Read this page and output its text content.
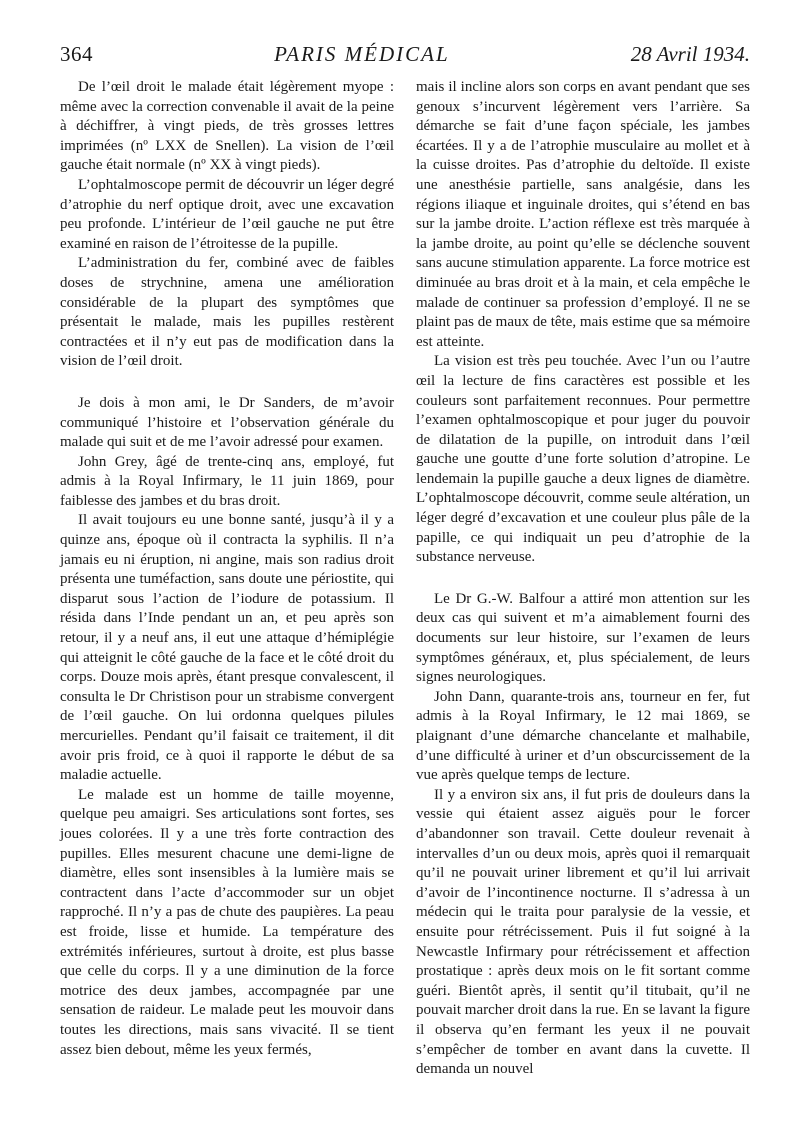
364	PARIS MÉDICAL	28 Avril 1934.

De l’œil droit le malade était légèrement myope : même avec la correction convenable il avait de la peine à déchiffrer, à vingt pieds, de très grosses lettres imprimées (nº LXX de Snellen). La vision de l’œil gauche était normale (nº XX à vingt pieds).

L’ophtalmoscope permit de découvrir un léger degré d’atrophie du nerf optique droit, avec une excavation peu profonde. L’intérieur de l’œil gauche ne put être examiné en raison de l’étroitesse de la pupille.

L’administration du fer, combiné avec de faibles doses de strychnine, amena une amélioration considérable de la plupart des symptômes que présentait le malade, mais les pupilles restèrent contractées et il n’y eut pas de modification dans la vision de l’œil droit.

Je dois à mon ami, le Dr Sanders, de m’avoir communiqué l’histoire et l’observation générale du malade qui suit et de me l’avoir adressé pour examen.

John Grey, âgé de trente-cinq ans, employé, fut admis à la Royal Infirmary, le 11 juin 1869, pour faiblesse des jambes et du bras droit.

Il avait toujours eu une bonne santé, jusqu’à il y a quinze ans, époque où il contracta la syphilis. Il n’a jamais eu ni éruption, ni angine, mais son radius droit présenta une tuméfaction, sans doute une périostite, qui disparut sous l’action de l’iodure de potassium. Il résida dans l’Inde pendant un an, et peu après son retour, il y a neuf ans, il eut une attaque d’hémiplégie qui atteignit le côté gauche de la face et le côté droit du corps. Douze mois après, étant presque convalescent, il consulta le Dr Christison pour un strabisme convergent de l’œil gauche. On lui ordonna quelques pilules mercurielles. Pendant qu’il faisait ce traitement, il dit avoir pris froid, ce à quoi il rapporte le début de sa maladie actuelle.

Le malade est un homme de taille moyenne, quelque peu amaigri. Ses articulations sont fortes, ses joues colorées. Il y a une très forte contraction des pupilles. Elles mesurent chacune une demi-ligne de diamètre, elles sont insensibles à la lumière mais se contractent dans l’acte d’accommoder sur un objet rapproché. Il n’y a pas de chute des paupières. La peau est froide, lisse et humide. La température des extrémités inférieures, surtout à droite, est plus basse que celle du corps. Il y a une diminution de la force motrice des deux jambes, accompagnée par une sensation de raideur. Le malade peut les mouvoir dans toutes les directions, mais sans vivacité. Il se tient assez bien debout, même les yeux fermés,

mais il incline alors son corps en avant pendant que ses genoux s’incurvent légèrement vers l’arrière. Sa démarche se fait d’une façon spéciale, les jambes écartées. Il y a de l’atrophie musculaire au mollet et à la cuisse droites. Pas d’atrophie du deltoïde. Il existe une anesthésie partielle, sans analgésie, dans les régions iliaque et inguinale droites, qui s’étend en bas sur la jambe droite. L’action réflexe est très marquée à la jambe droite, au point qu’elle se déclenche souvent sans aucune stimulation apparente. La force motrice est diminuée au bras droit et à la main, et cela empêche le malade de continuer sa profession d’employé. Il ne se plaint pas de maux de tête, mais estime que sa mémoire est atteinte.

La vision est très peu touchée. Avec l’un ou l’autre œil la lecture de fins caractères est possible et les couleurs sont parfaitement reconnues. Pour permettre l’examen ophtalmoscopique et pour juger du pouvoir de dilatation de la pupille, on introduit dans l’œil gauche une goutte d’une forte solution d’atropine. Le lendemain la pupille gauche a deux lignes de diamètre. L’ophtalmoscope découvrit, comme seule altération, un léger degré d’excavation et une couleur plus pâle de la papille, ce qui indiquait un peu d’atrophie de la substance nerveuse.

Le Dr G.-W. Balfour a attiré mon attention sur les deux cas qui suivent et m’a aimablement fourni des documents sur leur histoire, sur l’examen de leurs symptômes généraux, et, plus spécialement, de leurs signes neurologiques.

John Dann, quarante-trois ans, tourneur en fer, fut admis à la Royal Infirmary, le 12 mai 1869, se plaignant d’une démarche chancelante et malhabile, d’une difficulté à uriner et d’un obscurcissement de la vue après quelque temps de lecture.

Il y a environ six ans, il fut pris de douleurs dans la vessie qui étaient assez aiguës pour le forcer d’abandonner son travail. Cette douleur revenait à intervalles d’un ou deux mois, après quoi il remarquait qu’il ne pouvait uriner librement et qu’il lui arrivait d’avoir de l’incontinence nocturne. Il s’adressa à un médecin qui le traita pour paralysie de la vessie, et ensuite pour rétrécissement. Puis il fut soigné à la Newcastle Infirmary pour rétrécissement et affection prostatique : après deux mois on le fit sortant comme guéri. Bientôt après, il sentit qu’il titubait, qu’il ne pouvait marcher droit dans la rue. En se lavant la figure il observa qu’en fermant les yeux il ne pouvait s’empêcher de tomber en avant dans la cuvette. Il demanda un nouvel
